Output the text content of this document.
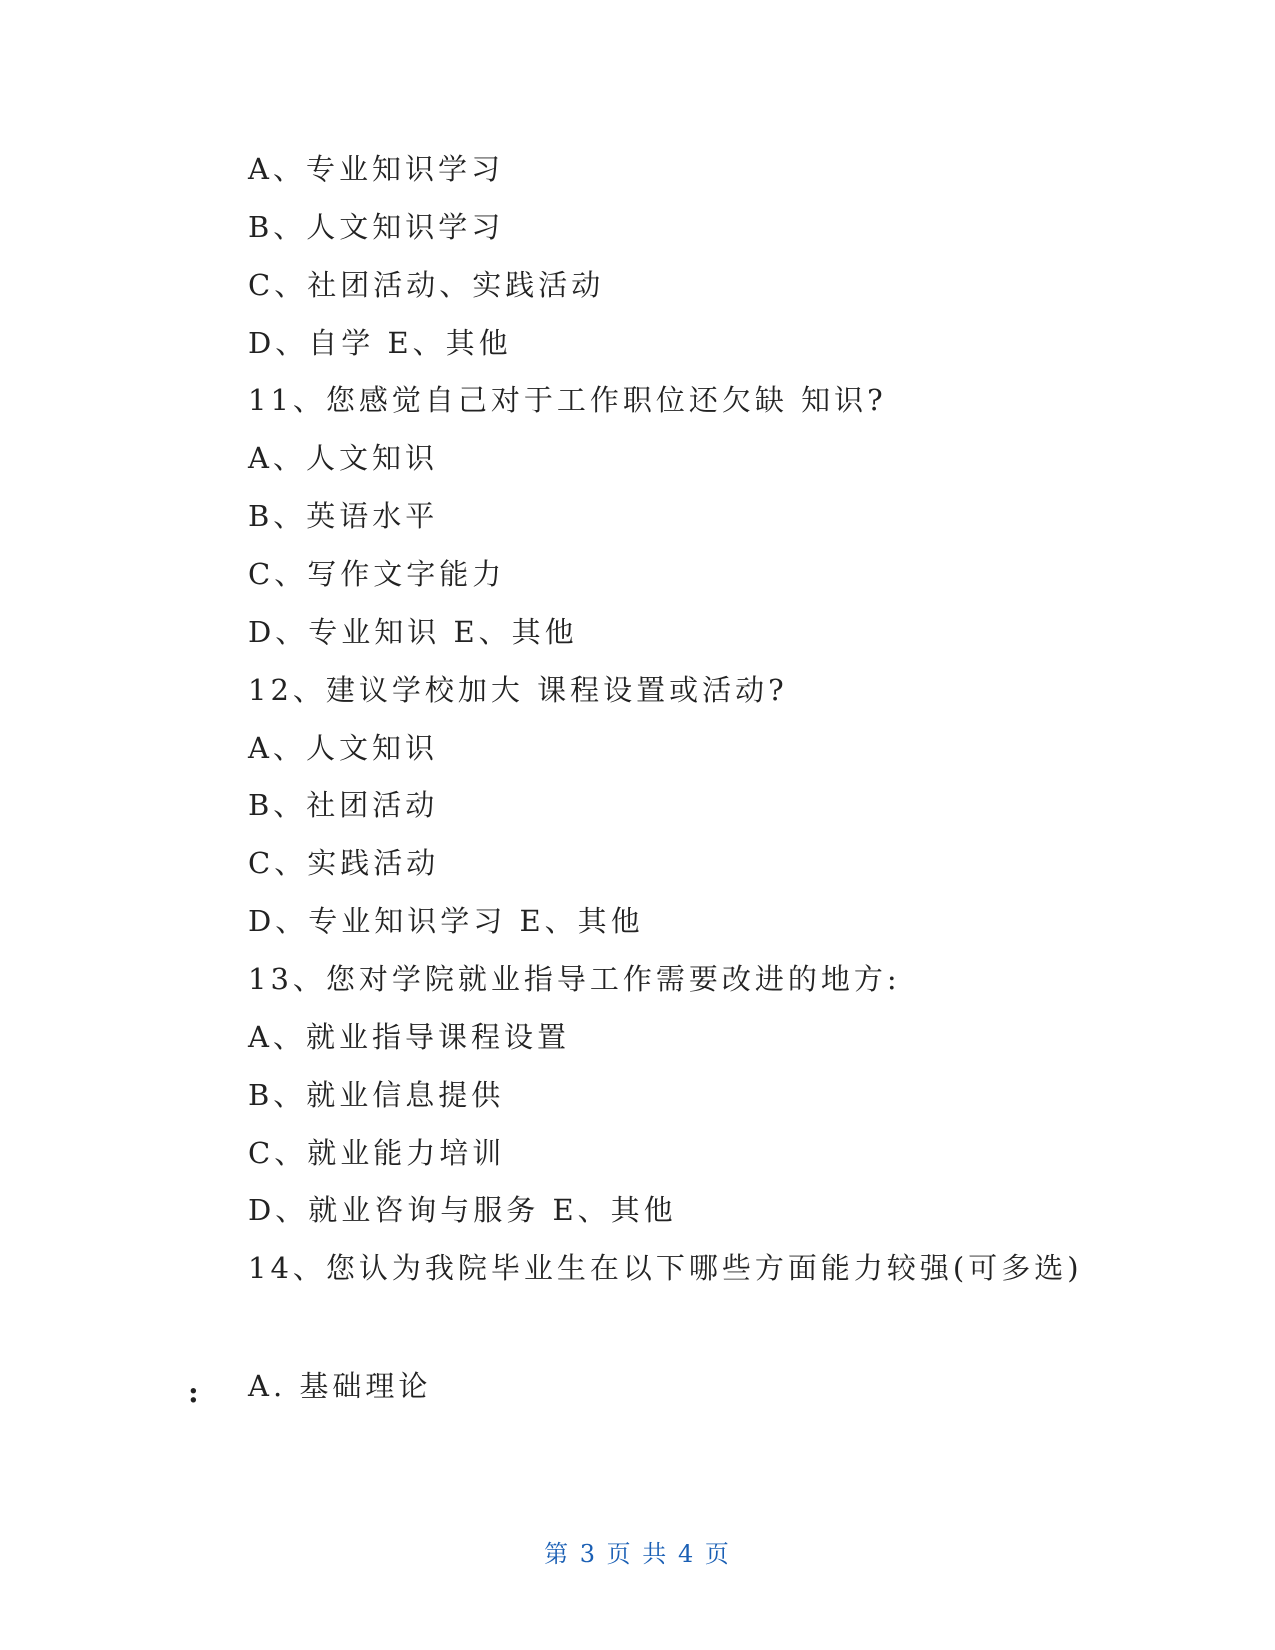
A、专业知识学习
B、人文知识学习
C、社团活动、实践活动
D、自学 E、其他
11、您感觉自己对于工作职位还欠缺 知识?
A、人文知识
B、英语水平
C、写作文字能力
D、专业知识 E、其他
12、建议学校加大 课程设置或活动?
A、人文知识
B、社团活动
C、实践活动
D、专业知识学习 E、其他
13、您对学院就业指导工作需要改进的地方:
A、就业指导课程设置
B、就业信息提供
C、就业能力培训
D、就业咨询与服务 E、其他
14、您认为我院毕业生在以下哪些方面能力较强(可多选)
: A. 基础理论
第 3 页 共 4 页
